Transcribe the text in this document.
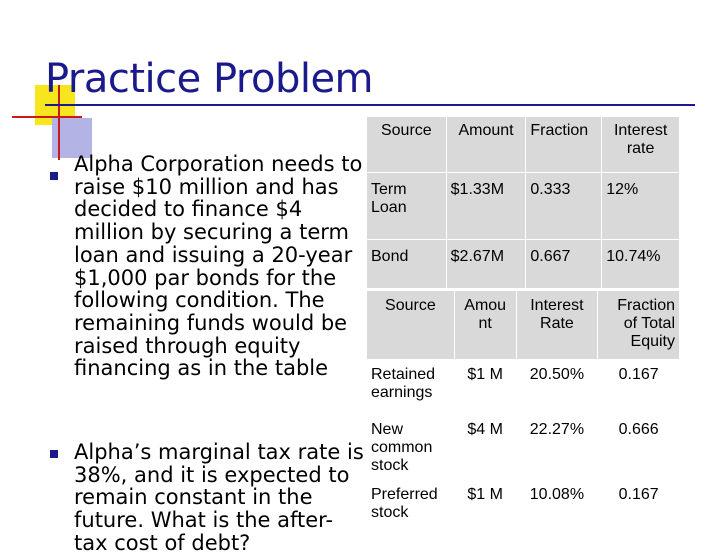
Practice Problem
Alpha Corporation needs to raise $10 million and has decided to finance $4 million by securing a term loan and issuing a 20-year $1,000 par bonds for the following condition. The remaining funds would be raised through equity financing as in the table
Alpha’s marginal tax rate is 38%, and it is expected to remain constant in the future. What is the after-tax cost of debt?
Source	Amount	Fraction	Interest rate
Term Loan	$1.33M	0.333	12%
Bond	$2.67M	0.667	10.74%
Source	Amou nt	Interest Rate	Fraction of Total Equity
Retained earnings	$1 M	20.50%	0.167
New common stock	$4 M	22.27%	0.666
Preferred stock	$1 M	10.08%	0.167
